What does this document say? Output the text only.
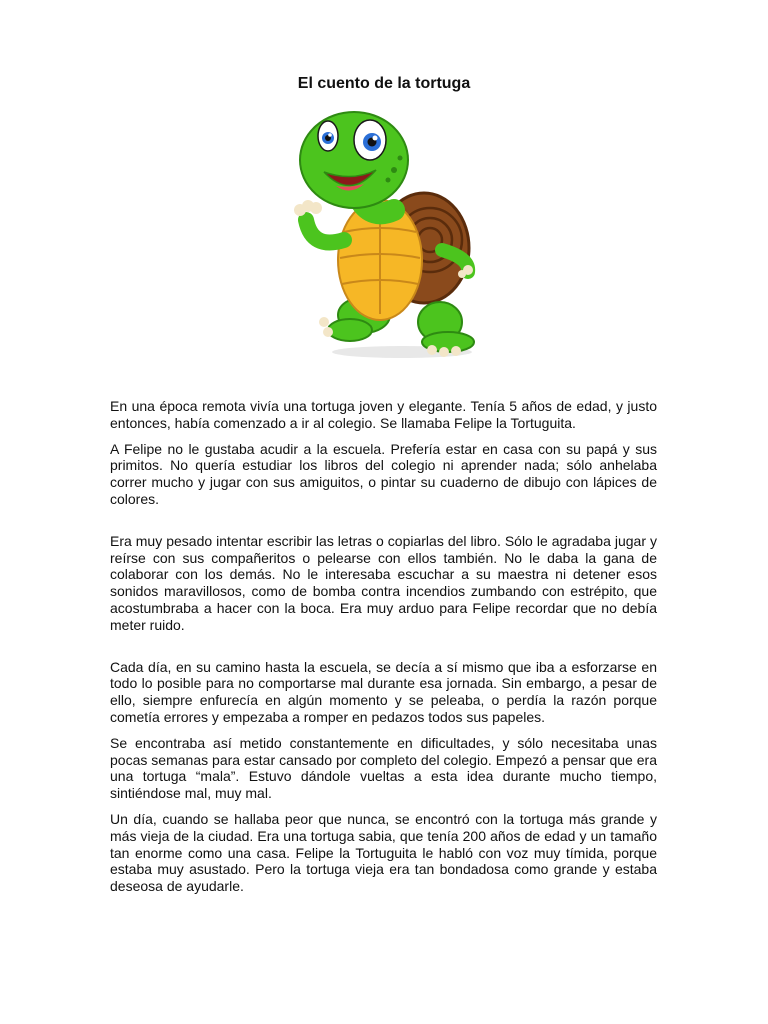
El cuento de la tortuga

En una época remota vivía una tortuga joven y elegante. Tenía 5 años de edad, y justo entonces, había comenzado a ir al colegio. Se llamaba Felipe la Tortuguita.

A Felipe no le gustaba acudir a la escuela. Prefería estar en casa con su papá y sus primitos. No quería estudiar los libros del colegio ni aprender nada; sólo anhelaba correr mucho y jugar con sus amiguitos, o pintar su cuaderno de dibujo con lápices de colores.

Era muy pesado intentar escribir las letras o copiarlas del libro. Sólo le agradaba jugar y reírse con sus compañeritos o pelearse con ellos también. No le daba la gana de colaborar con los demás. No le interesaba escuchar a su maestra ni detener esos sonidos maravillosos, como de bomba contra incendios zumbando con estrépito, que acostumbraba a hacer con la boca. Era muy arduo para Felipe recordar que no debía meter ruido.

Cada día, en su camino hasta la escuela, se decía a sí mismo que iba a esforzarse en todo lo posible para no comportarse mal durante esa jornada. Sin embargo, a pesar de ello, siempre enfurecía en algún momento y se peleaba, o perdía la razón porque cometía errores y empezaba a romper en pedazos todos sus papeles.

Se encontraba así metido constantemente en dificultades, y sólo necesitaba unas pocas semanas para estar cansado por completo del colegio. Empezó a pensar que era una tortuga “mala”. Estuvo dándole vueltas a esta idea durante mucho tiempo, sintiéndose mal, muy mal.

Un día, cuando se hallaba peor que nunca, se encontró con la tortuga más grande y más vieja de la ciudad. Era una tortuga sabia, que tenía 200 años de edad y un tamaño tan enorme como una casa. Felipe la Tortuguita le habló con voz muy tímida, porque estaba muy asustado. Pero la tortuga vieja era tan bondadosa como grande y estaba deseosa de ayudarle.
